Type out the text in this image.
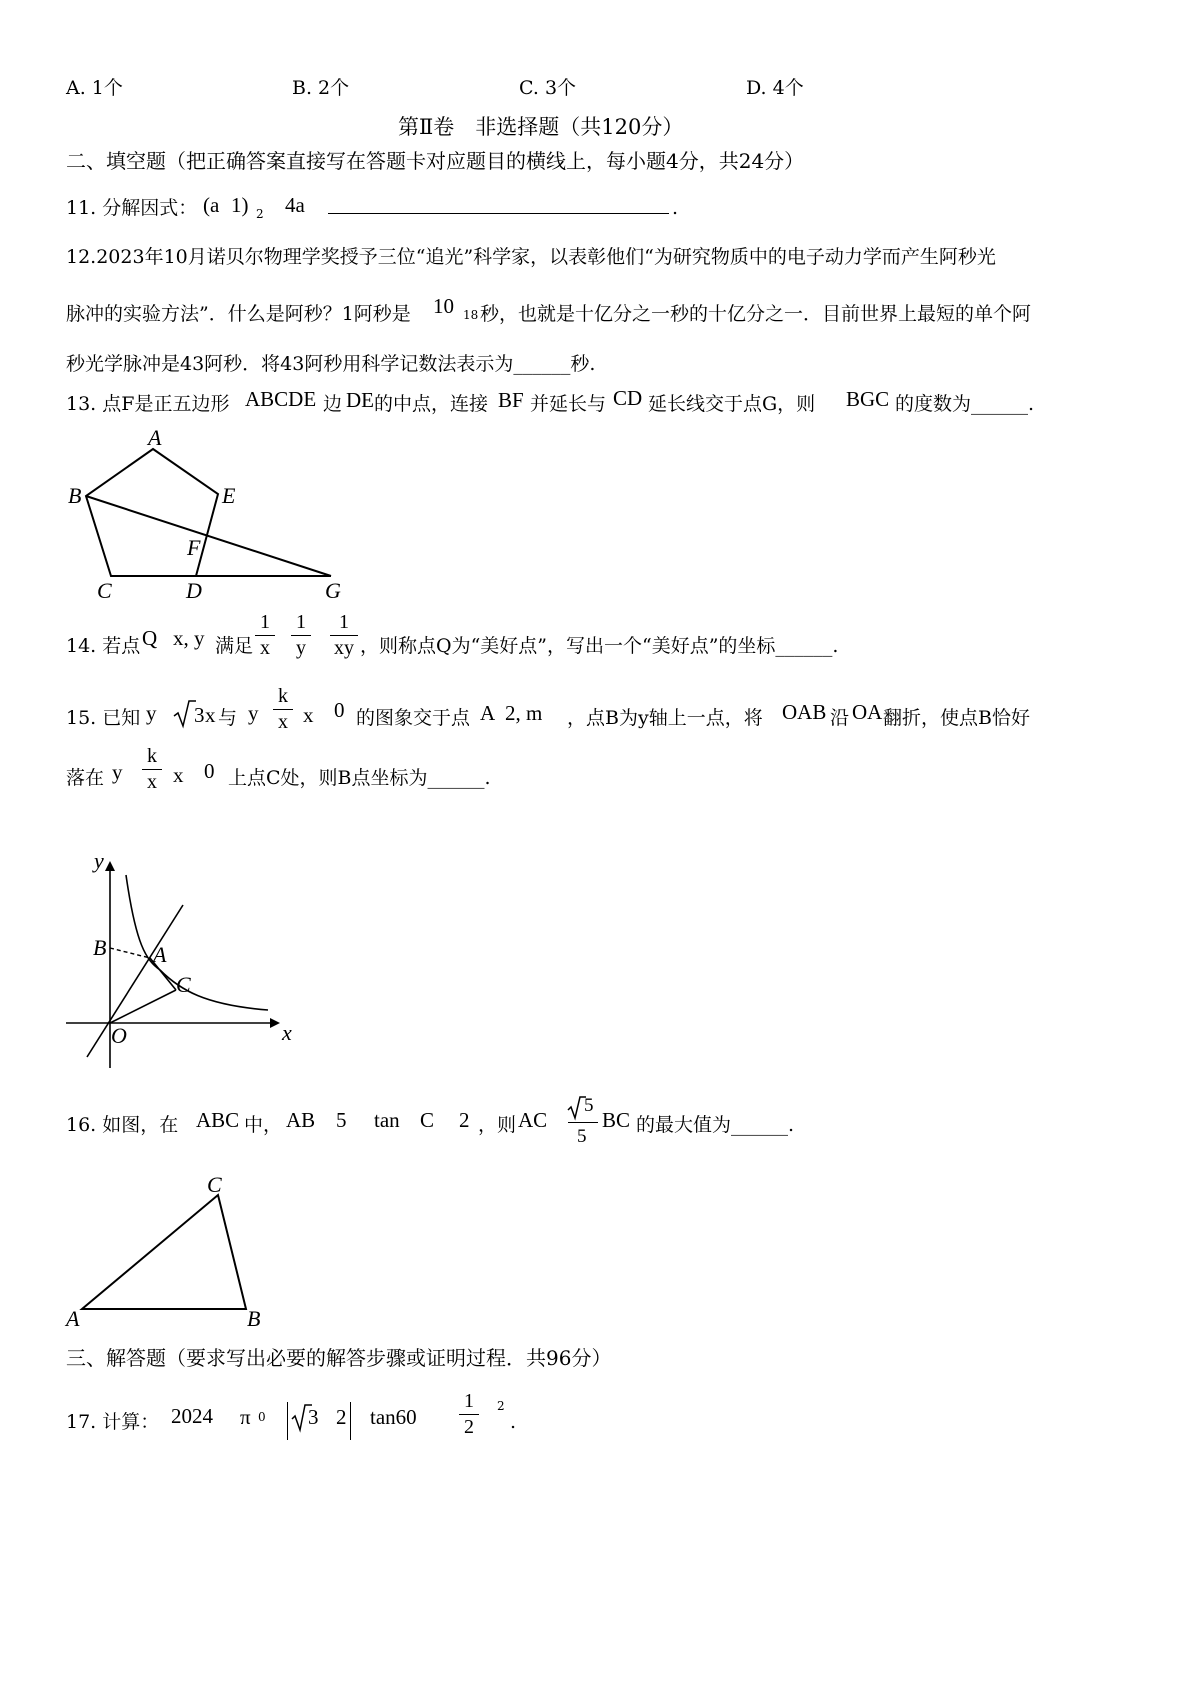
A. 1个	B. 2个	C. 3个	D. 4个
第Ⅱ卷　非选择题（共120分）
二、填空题（把正确答案直接写在答题卡对应题目的横线上，每小题4分，共24分）
11. 分解因式： (a 1) 2 4a	.
12.2023年10月诺贝尔物理学奖授予三位“追光”科学家，以表彰他们“为研究物质中的电子动力学而产生阿秒光
脉冲的实验方法”．什么是阿秒？1阿秒是 10 18 秒，也就是十亿分之一秒的十亿分之一．目前世界上最短的单个阿
秒光学脉冲是43阿秒．将43阿秒用科学记数法表示为______秒.
13. 点F是正五边形 ABCDE 边 DE 的中点，连接 BF 并延长与 CD 延长线交于点G，则 BGC 的度数为______.
A
B	E
F
C	D	G
14. 若点 Q x, y 满足
1
x
1
y
1
xy ，则称点Q为“美好点”，写出一个“美好点”的坐标______.
15. 已知 y 3 x 与 y
k
x x 0 的图象交于点 A 2, m ，点B为y轴上一点，将 OAB 沿 OA 翻折，使点B恰好
落在 y
k
x x 0 上点C处，则B点坐标为______.
y
x
O
B A
C
16. 如图，在 ABC 中， AB 5 tan C 2 ，则 AC
5
5
BC 的最大值为______.
C
A	B
三、解答题（要求写出必要的解答步骤或证明过程．共96分）
17. 计算： 2024 π 0 3 2 tan60
1
2
2
.
